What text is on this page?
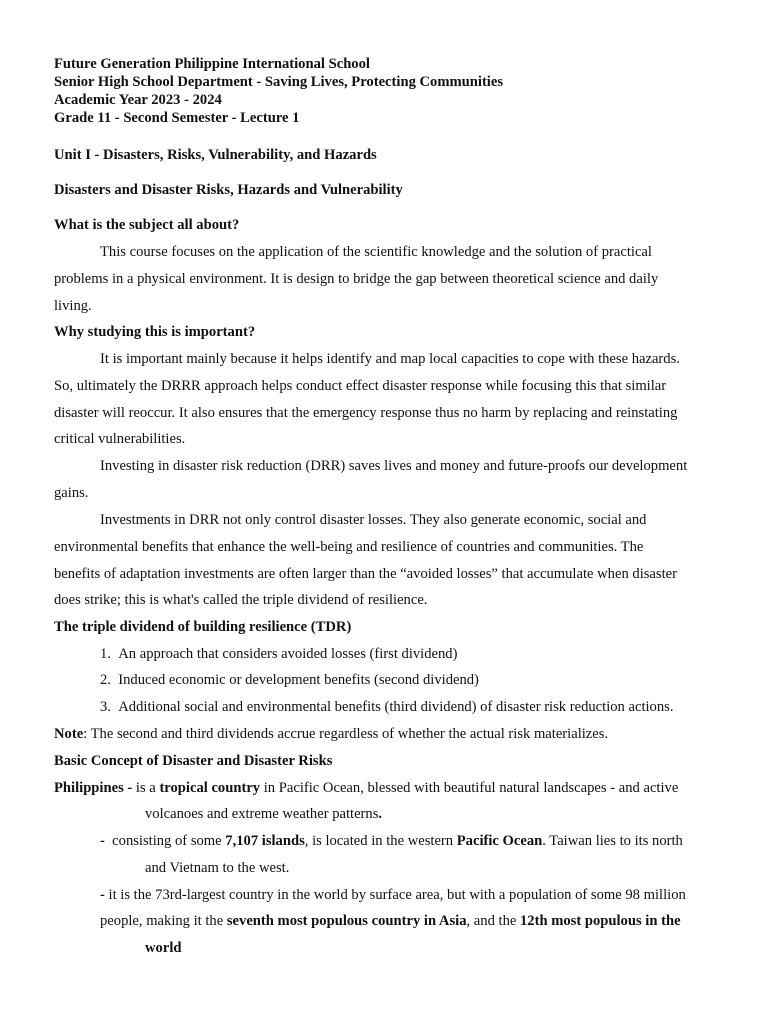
Future Generation Philippine International School
Senior High School Department - Saving Lives, Protecting Communities
Academic Year 2023 - 2024
Grade 11 - Second Semester - Lecture 1
Unit I - Disasters, Risks, Vulnerability, and Hazards
Disasters and Disaster Risks, Hazards and Vulnerability
What is the subject all about?
This course focuses on the application of the scientific knowledge and the solution of practical
problems in a physical environment. It is design to bridge the gap between theoretical science and daily
living.
Why studying this is important?
It is important mainly because it helps identify and map local capacities to cope with these hazards.
So, ultimately the DRRR approach helps conduct effect disaster response while focusing this that similar
disaster will reoccur. It also ensures that the emergency response thus no harm by replacing and reinstating
critical vulnerabilities.
Investing in disaster risk reduction (DRR) saves lives and money and future-proofs our development
gains.
Investments in DRR not only control disaster losses. They also generate economic, social and
environmental benefits that enhance the well-being and resilience of countries and communities. The
benefits of adaptation investments are often larger than the “avoided losses” that accumulate when disaster
does strike; this is what's called the triple dividend of resilience.
The triple dividend of building resilience (TDR)
1. An approach that considers avoided losses (first dividend)
2. Induced economic or development benefits (second dividend)
3. Additional social and environmental benefits (third dividend) of disaster risk reduction actions.
Note: The second and third dividends accrue regardless of whether the actual risk materializes.
Basic Concept of Disaster and Disaster Risks
Philippines - is a tropical country in Pacific Ocean, blessed with beautiful natural landscapes - and active
volcanoes and extreme weather patterns.
- consisting of some 7,107 islands, is located in the western Pacific Ocean. Taiwan lies to its north
and Vietnam to the west.
- it is the 73rd-largest country in the world by surface area, but with a population of some 98 million
people, making it the seventh most populous country in Asia, and the 12th most populous in the
world
